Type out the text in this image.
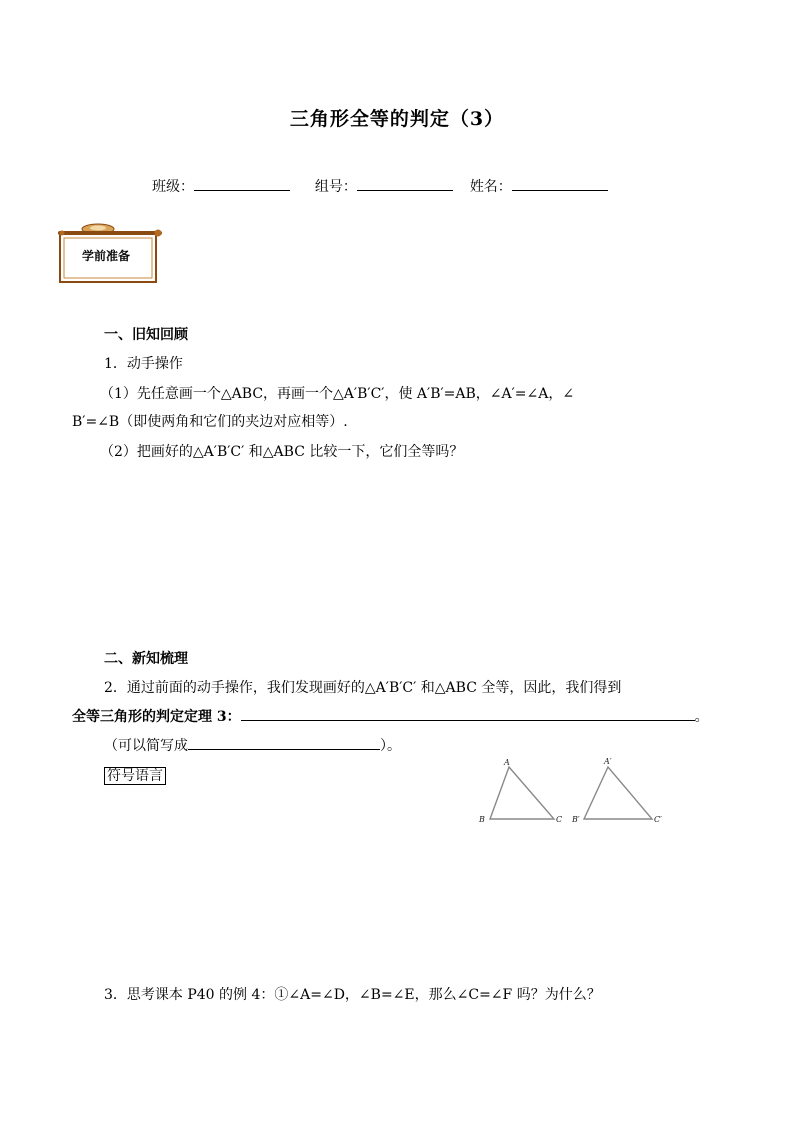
三角形全等的判定（3）
班级：	组号：	姓名：
学前准备
一、旧知回顾
1．动手操作
（1）先任意画一个△ABC，再画一个△A′B′C′，使 A′B′=AB，∠A′=∠A，∠
B′=∠B（即使两角和它们的夹边对应相等）.
（2）把画好的△A′B′C′ 和△ABC 比较一下，它们全等吗？
二、新知梳理
2．通过前面的动手操作，我们发现画好的△A′B′C′ 和△ABC 全等，因此，我们得到
全等三角形的判定定理 3：	。
（可以简写成	）。
符号语言
A
B	C
A′
B′	C′
3．思考课本 P40 的例 4：①∠A=∠D，∠B=∠E，那么∠C=∠F 吗？为什么？
